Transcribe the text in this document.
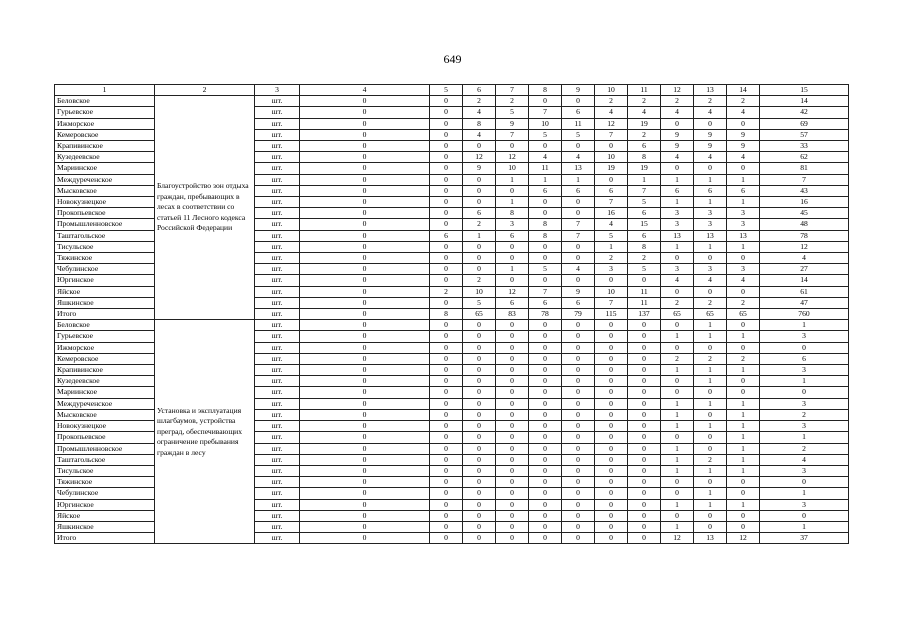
649
1	2	3	4	5	6	7	8	9	10	11	12	13	14	15
Беловское	Благоустройство зон отдыха граждан, пребывающих в лесах в соответствии со статьей 11 Лесного кодекса Российской Федерации	шт.	0	0	2	2	0	0	2	2	2	2	2	14
Гурьевское		шт.	0	0	4	5	7	6	4	4	4	4	4	42
Ижморское		шт.	0	0	8	9	10	11	12	19	0	0	0	69
Кемеровское		шт.	0	0	4	7	5	5	7	2	9	9	9	57
Крапивинское		шт.	0	0	0	0	0	0	0	6	9	9	9	33
Кузедеевское		шт.	0	0	12	12	4	4	10	8	4	4	4	62
Мариинское		шт.	0	0	9	10	11	13	19	19	0	0	0	81
Междуреченское		шт.	0	0	0	1	1	1	0	1	1	1	1	7
Мысковское		шт.	0	0	0	0	6	6	6	7	6	6	6	43
Новокузнецкое		шт.	0	0	0	1	0	0	7	5	1	1	1	16
Прокопьевское		шт.	0	0	6	8	0	0	16	6	3	3	3	45
Промышленновское		шт.	0	0	2	3	8	7	4	15	3	3	3	48
Таштагольское		шт.	0	6	1	6	8	7	5	6	13	13	13	78
Тисульское		шт.	0	0	0	0	0	0	1	8	1	1	1	12
Тяжинское		шт.	0	0	0	0	0	0	2	2	0	0	0	4
Чебулинское		шт.	0	0	0	1	5	4	3	5	3	3	3	27
Юргинское		шт.	0	0	2	0	0	0	0	0	4	4	4	14
Яйское		шт.	0	2	10	12	7	9	10	11	0	0	0	61
Яшкинское		шт.	0	0	5	6	6	6	7	11	2	2	2	47
Итого		шт.	0	8	65	83	78	79	115	137	65	65	65	760
Беловское	Установка и эксплуатация шлагбаумов, устройства преград, обеспечивающих ограничение пребывания граждан в лесу	шт.	0	0	0	0	0	0	0	0	0	1	0	1
Гурьевское		шт.	0	0	0	0	0	0	0	0	1	1	1	3
Ижморское		шт.	0	0	0	0	0	0	0	0	0	0	0	0
Кемеровское		шт.	0	0	0	0	0	0	0	0	2	2	2	6
Крапивинское		шт.	0	0	0	0	0	0	0	0	1	1	1	3
Кузедеевское		шт.	0	0	0	0	0	0	0	0	0	1	0	1
Мариинское		шт.	0	0	0	0	0	0	0	0	0	0	0	0
Междуреченское		шт.	0	0	0	0	0	0	0	0	1	1	1	3
Мысковское		шт.	0	0	0	0	0	0	0	0	1	0	1	2
Новокузнецкое		шт.	0	0	0	0	0	0	0	0	1	1	1	3
Прокопьевское		шт.	0	0	0	0	0	0	0	0	0	0	1	1
Промышленновское		шт.	0	0	0	0	0	0	0	0	1	0	1	2
Таштагольское		шт.	0	0	0	0	0	0	0	0	1	2	1	4
Тисульское		шт.	0	0	0	0	0	0	0	0	1	1	1	3
Тяжинское		шт.	0	0	0	0	0	0	0	0	0	0	0	0
Чебулинское		шт.	0	0	0	0	0	0	0	0	0	1	0	1
Юргинское		шт.	0	0	0	0	0	0	0	0	1	1	1	3
Яйское		шт.	0	0	0	0	0	0	0	0	0	0	0	0
Яшкинское		шт.	0	0	0	0	0	0	0	0	1	0	0	1
Итого		шт.	0	0	0	0	0	0	0	0	12	13	12	37
